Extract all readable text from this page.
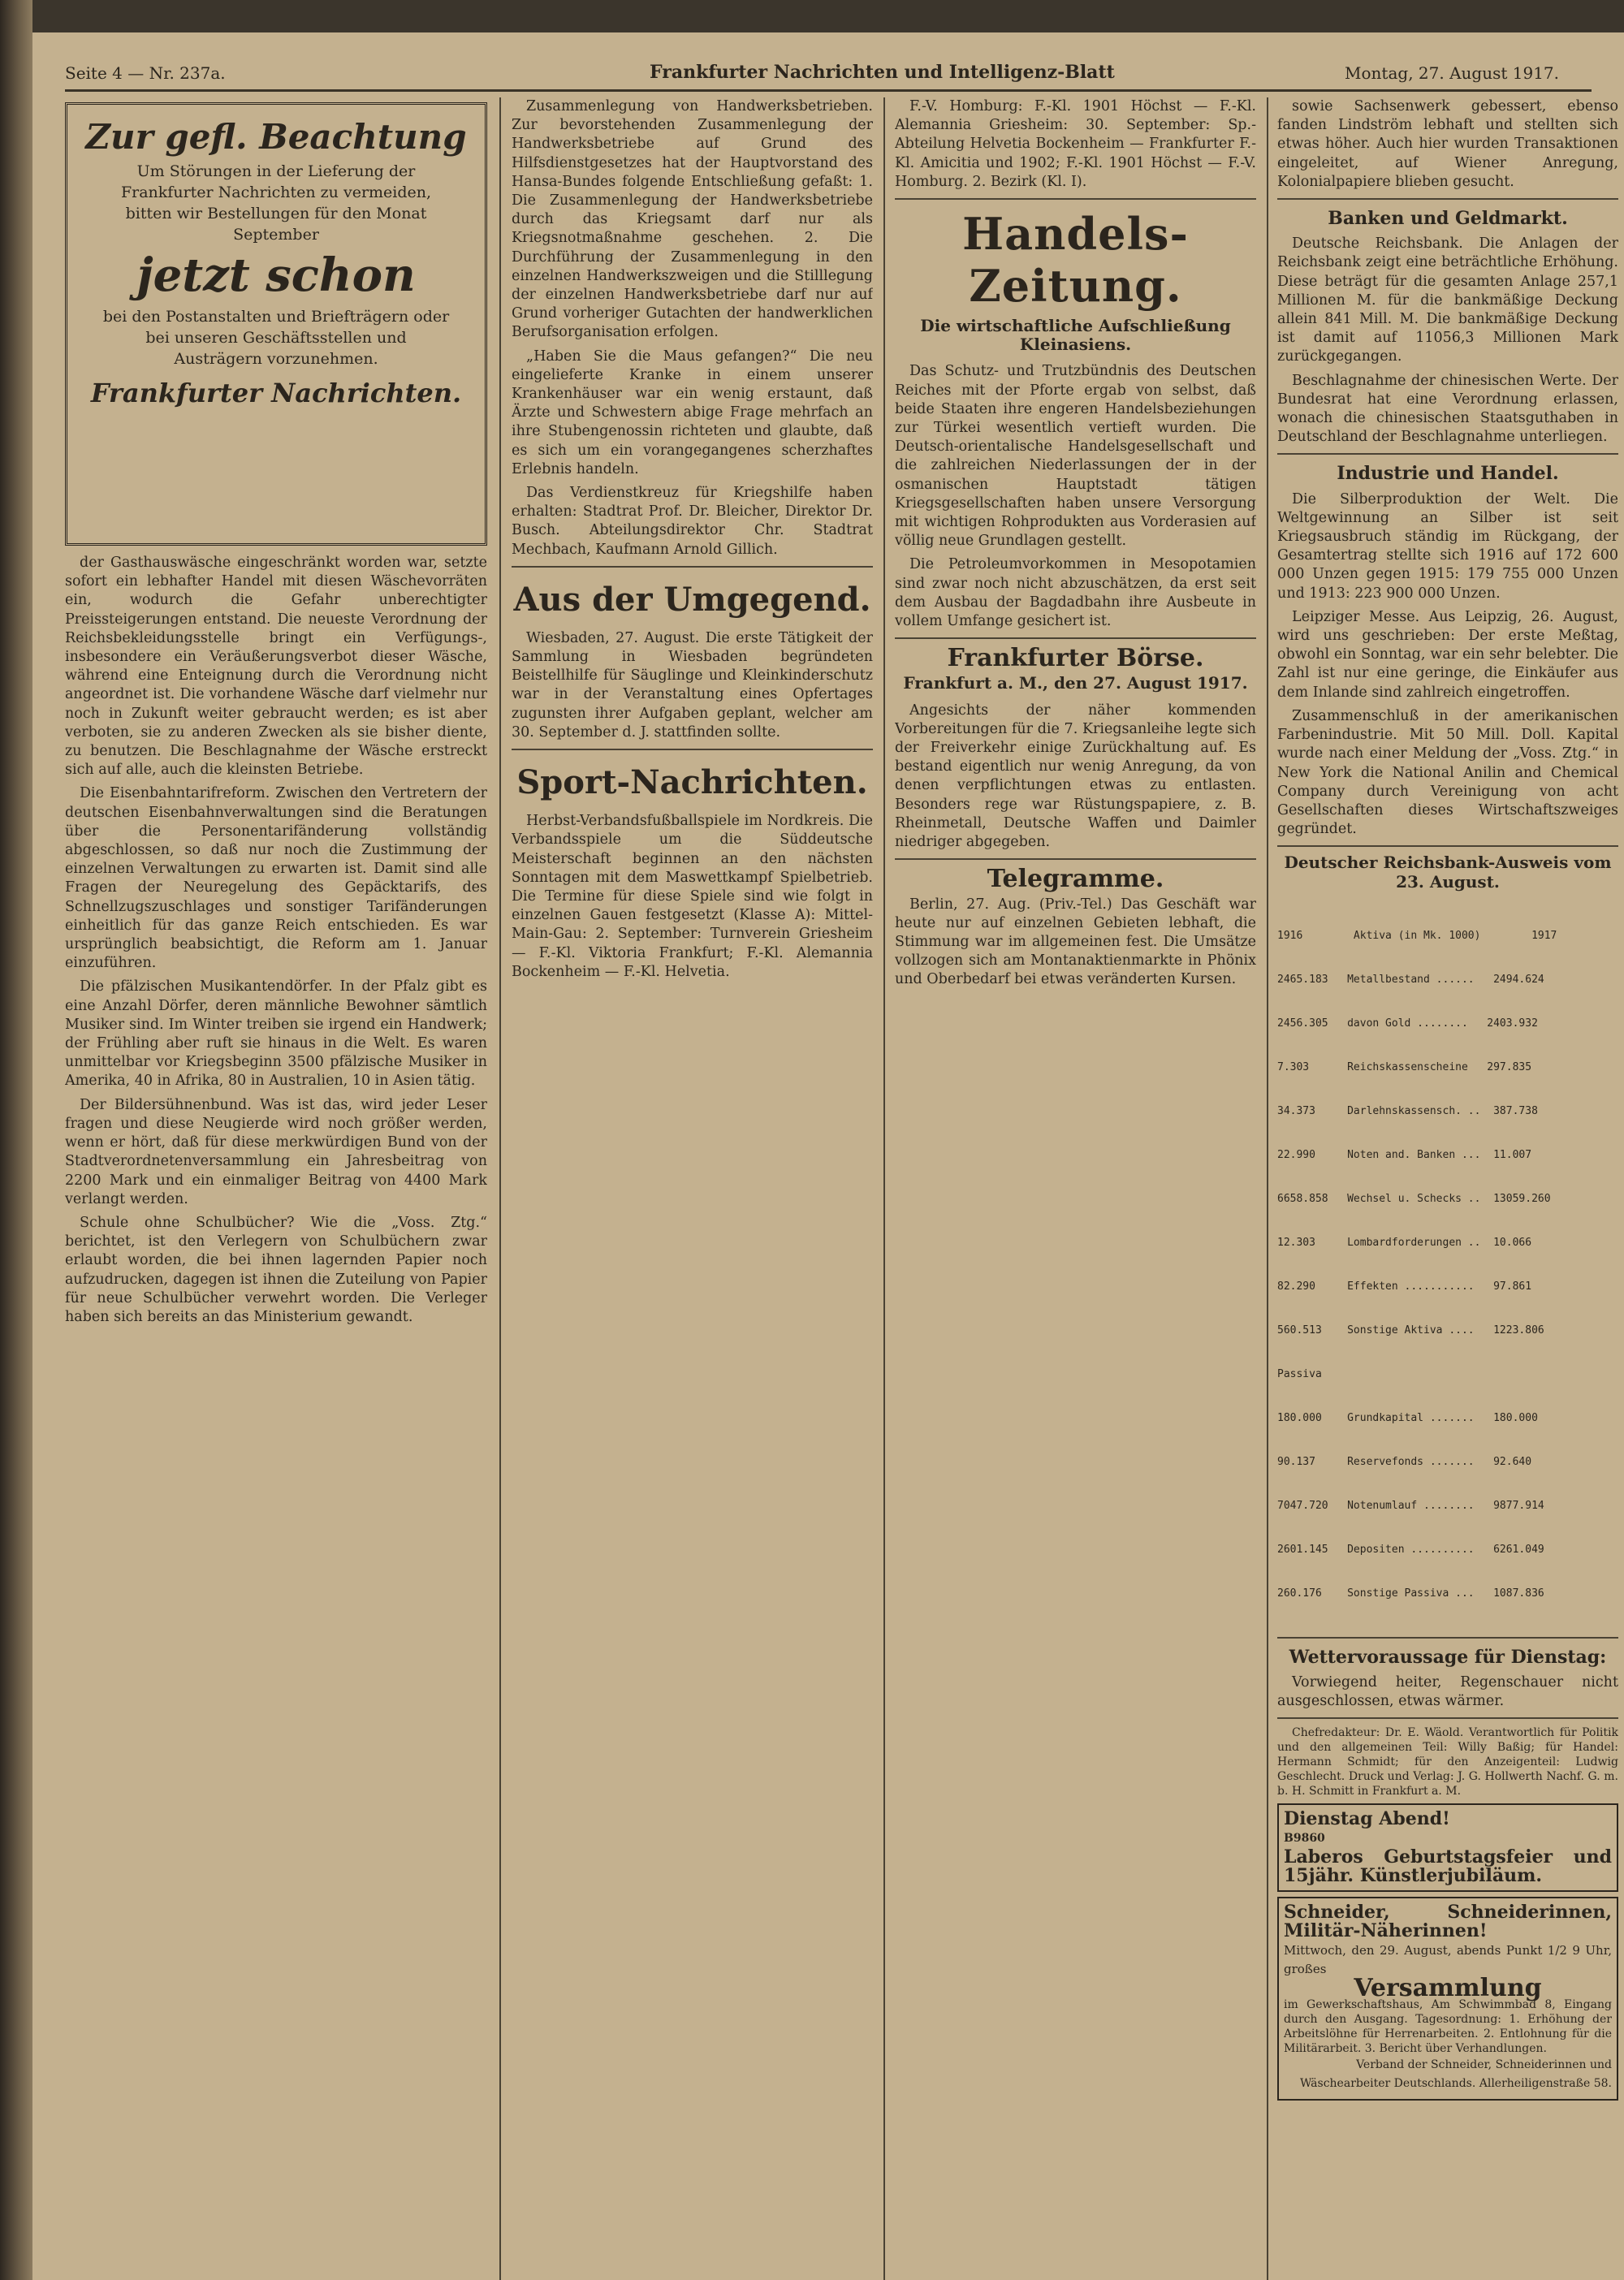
Seite 4 — Nr. 237a.	Frankfurter Nachrichten und Intelligenz-Blatt	Montag, 27. August 1917.
Zur gefl. Beachtung
Um Störungen in der Lieferung der Frankfurter Nachrichten zu vermeiden, bitten wir Bestellungen für den Monat September
jetzt schon
bei den Postanstalten und Briefträgern oder bei unseren Geschäftsstellen und Austrägern vorzunehmen.
Frankfurter Nachrichten.

der Gasthauswäsche eingeschränkt worden war, setzte sofort ein lebhafter Handel mit diesen Wäschevorräten ein, wodurch die Gefahr unberechtigter Preissteigerungen entstand. Die neueste Verordnung der Reichsbekleidungsstelle bringt ein Verfügungs-, insbesondere ein Veräußerungsverbot dieser Wäsche, während eine Enteignung durch die Verordnung nicht angeordnet ist. Die vorhandene Wäsche darf vielmehr nur noch in Zukunft weiter gebraucht werden; es ist aber verboten, sie zu anderen Zwecken als sie bisher diente, zu benutzen. Die Beschlagnahme der Wäsche erstreckt sich auf alle, auch die kleinsten Betriebe.

Die Eisenbahntarifreform. Zwischen den Vertretern der deutschen Eisenbahnverwaltungen sind die Beratungen über die Personentarifänderung vollständig abgeschlossen, so daß nur noch die Zustimmung der einzelnen Verwaltungen zu erwarten ist. Damit sind alle Fragen der Neuregelung des Gepäcktarifs, des Schnellzugszuschlages und sonstiger Tarifänderungen einheitlich für das ganze Reich entschieden. Es war ursprünglich beabsichtigt, die Reform am 1. Januar einzuführen.

Die pfälzischen Musikantendörfer. In der Pfalz gibt es eine Anzahl Dörfer, deren männliche Bewohner sämtlich Musiker sind. Im Winter treiben sie irgend ein Handwerk; der Frühling aber ruft sie hinaus in die Welt. Es waren unmittelbar vor Kriegsbeginn 3500 pfälzische Musiker in Amerika, 40 in Afrika, 80 in Australien, 10 in Asien tätig.

Der Bildersühnenbund. Was ist das, wird jeder Leser fragen und diese Neugierde wird noch größer werden, wenn er hört, daß für diese merkwürdigen Bund von der Stadtverordnetenversammlung ein Jahresbeitrag von 2200 Mark und ein einmaliger Beitrag von 4400 Mark verlangt werden.

Schule ohne Schulbücher? Wie die „Voss. Ztg.“ berichtet, ist den Verlegern von Schulbüchern zwar erlaubt worden, die bei ihnen lagernden Papier noch aufzudrucken, dagegen ist ihnen die Zuteilung von Papier für neue Schulbücher verwehrt worden. Die Verleger haben sich bereits an das Ministerium gewandt.

Zusammenlegung von Handwerksbetrieben. Zur bevorstehenden Zusammenlegung der Handwerksbetriebe auf Grund des Hilfsdienstgesetzes hat der Hauptvorstand des Hansa-Bundes folgende Entschließung gefaßt: 1. Die Zusammenlegung der Handwerksbetriebe durch das Kriegsamt darf nur als Kriegsnotmaßnahme geschehen. 2. Die Durchführung der Zusammenlegung in den einzelnen Handwerkszweigen und die Stilllegung der einzelnen Handwerksbetriebe darf nur auf Grund vorheriger Gutachten der handwerklichen Berufsorganisation erfolgen.

„Haben Sie die Maus gefangen?“ Die neu eingelieferte Kranke in einem unserer Krankenhäuser war ein wenig erstaunt, daß Ärzte und Schwestern abige Frage mehrfach an ihre Stubengenossin richteten und glaubte, daß es sich um ein vorangegangenes scherzhaftes Erlebnis handeln.

Das Verdienstkreuz für Kriegshilfe haben erhalten: Stadtrat Prof. Dr. Bleicher, Direktor Dr. Busch. Abteilungsdirektor Chr. Stadtrat Mechbach, Kaufmann Arnold Gillich.

Aus der Umgegend.

Wiesbaden, 27. August. Die erste Tätigkeit der Sammlung in Wiesbaden begründeten Beistellhilfe für Säuglinge und Kleinkinderschutz war in der Veranstaltung eines Opfertages zugunsten ihrer Aufgaben geplant, welcher am 30. September d. J. stattfinden sollte.

Sport-Nachrichten.

Herbst-Verbandsfußballspiele im Nordkreis. Die Verbandsspiele um die Süddeutsche Meisterschaft beginnen an den nächsten Sonntagen mit dem Maswettkampf Spielbetrieb. Die Termine für diese Spiele sind wie folgt in einzelnen Gauen festgesetzt (Klasse A): Mittel-Main-Gau: 2. September: Turnverein Griesheim — F.-Kl. Viktoria Frankfurt; F.-Kl. Alemannia Bockenheim — F.-Kl. Helvetia.

F.-V. Homburg: F.-Kl. 1901 Höchst — F.-Kl. Alemannia Griesheim: 30. September: Sp.-Abteilung Helvetia Bockenheim — Frankfurter F.-Kl. Amicitia und 1902; F.-Kl. 1901 Höchst — F.-V. Homburg. 2. Bezirk (Kl. I).

Handels-Zeitung.
Die wirtschaftliche Aufschließung Kleinasiens.

Das Schutz- und Trutzbündnis des Deutschen Reiches mit der Pforte ergab von selbst, daß beide Staaten ihre engeren Handelsbeziehungen zur Türkei wesentlich vertieft wurden. Die Deutsch-orientalische Handelsgesellschaft und die zahlreichen Niederlassungen der in der osmanischen Hauptstadt tätigen Kriegsgesellschaften haben unsere Versorgung mit wichtigen Rohprodukten aus Vorderasien auf völlig neue Grundlagen gestellt.

Die Petroleumvorkommen in Mesopotamien sind zwar noch nicht abzuschätzen, da erst seit dem Ausbau der Bagdadbahn ihre Ausbeute in vollem Umfange gesichert ist.

Frankfurter Börse.
Frankfurt a. M., den 27. August 1917.

Angesichts der näher kommenden Vorbereitungen für die 7. Kriegsanleihe legte sich der Freiverkehr einige Zurückhaltung auf. Es bestand eigentlich nur wenig Anregung, da von denen verpflichtungen etwas zu entlasten. Besonders rege war Rüstungspapiere, z. B. Rheinmetall, Deutsche Waffen und Daimler niedriger abgegeben.

Telegramme.

Berlin, 27. Aug. (Priv.-Tel.) Das Geschäft war heute nur auf einzelnen Gebieten lebhaft, die Stimmung war im allgemeinen fest. Die Umsätze vollzogen sich am Montanaktienmarkte in Phönix und Oberbedarf bei etwas veränderten Kursen.

sowie Sachsenwerk gebessert, ebenso fanden Lindström lebhaft und stellten sich etwas höher. Auch hier wurden Transaktionen eingeleitet, auf Wiener Anregung, Kolonialpapiere blieben gesucht.

Banken und Geldmarkt.

Deutsche Reichsbank. Die Anlagen der Reichsbank zeigt eine beträchtliche Erhöhung. Diese beträgt für die gesamten Anlage 257,1 Millionen M. für die bankmäßige Deckung allein 841 Mill. M. Die bankmäßige Deckung ist damit auf 11056,3 Millionen Mark zurückgegangen.

Beschlagnahme der chinesischen Werte. Der Bundesrat hat eine Verordnung erlassen, wonach die chinesischen Staatsguthaben in Deutschland der Beschlagnahme unterliegen.

Industrie und Handel.

Die Silberproduktion der Welt. Die Weltgewinnung an Silber ist seit Kriegsausbruch ständig im Rückgang, der Gesamtertrag stellte sich 1916 auf 172 600 000 Unzen gegen 1915: 179 755 000 Unzen und 1913: 223 900 000 Unzen.

Leipziger Messe. Aus Leipzig, 26. August, wird uns geschrieben: Der erste Meßtag, obwohl ein Sonntag, war ein sehr belebter. Die Zahl ist nur eine geringe, die Einkäufer aus dem Inlande sind zahlreich eingetroffen.

Zusammenschluß in der amerikanischen Farbenindustrie. Mit 50 Mill. Doll. Kapital wurde nach einer Meldung der „Voss. Ztg.“ in New York die National Anilin and Chemical Company durch Vereinigung von acht Gesellschaften dieses Wirtschaftszweiges gegründet.

Deutscher Reichsbank-Ausweis vom 23. August.

1916        Aktiva (in Mk. 1000)        1917

2465.183   Metallbestand ......   2494.624

2456.305   davon Gold ........   2403.932

7.303      Reichskassenscheine   297.835

34.373     Darlehnskassensch. ..  387.738

22.990     Noten and. Banken ...  11.007

6658.858   Wechsel u. Schecks ..  13059.260

12.303     Lombardforderungen ..  10.066

82.290     Effekten ...........   97.861

560.513    Sonstige Aktiva ....   1223.806

Passiva

180.000    Grundkapital .......   180.000

90.137     Reservefonds .......   92.640

7047.720   Notenumlauf ........   9877.914

2601.145   Depositen ..........   6261.049

260.176    Sonstige Passiva ...   1087.836

Wettervoraussage für Dienstag:

Vorwiegend heiter, Regenschauer nicht ausgeschlossen, etwas wärmer.

Chefredakteur: Dr. E. Wäold. Verantwortlich für Politik und den allgemeinen Teil: Willy Baßig; für Handel: Hermann Schmidt; für den Anzeigenteil: Ludwig Geschlecht. Druck und Verlag: J. G. Hollwerth Nachf. G. m. b. H. Schmitt in Frankfurt a. M.

Dienstag Abend!
B9860
Laberos Geburtstagsfeier und 15jähr. Künstlerjubiläum.
Schneider, Schneiderinnen, Militär-Näherinnen!
Mittwoch, den 29. August, abends Punkt 1/2 9 Uhr, großes
Versammlung
im Gewerkschaftshaus, Am Schwimmbad 8, Eingang durch den Ausgang. Tagesordnung: 1. Erhöhung der Arbeitslöhne für Herrenarbeiten. 2. Entlohnung für die Militärarbeit. 3. Bericht über Verhandlungen.
Verband der Schneider, Schneiderinnen und Wäschearbeiter Deutschlands. Allerheiligenstraße 58.
